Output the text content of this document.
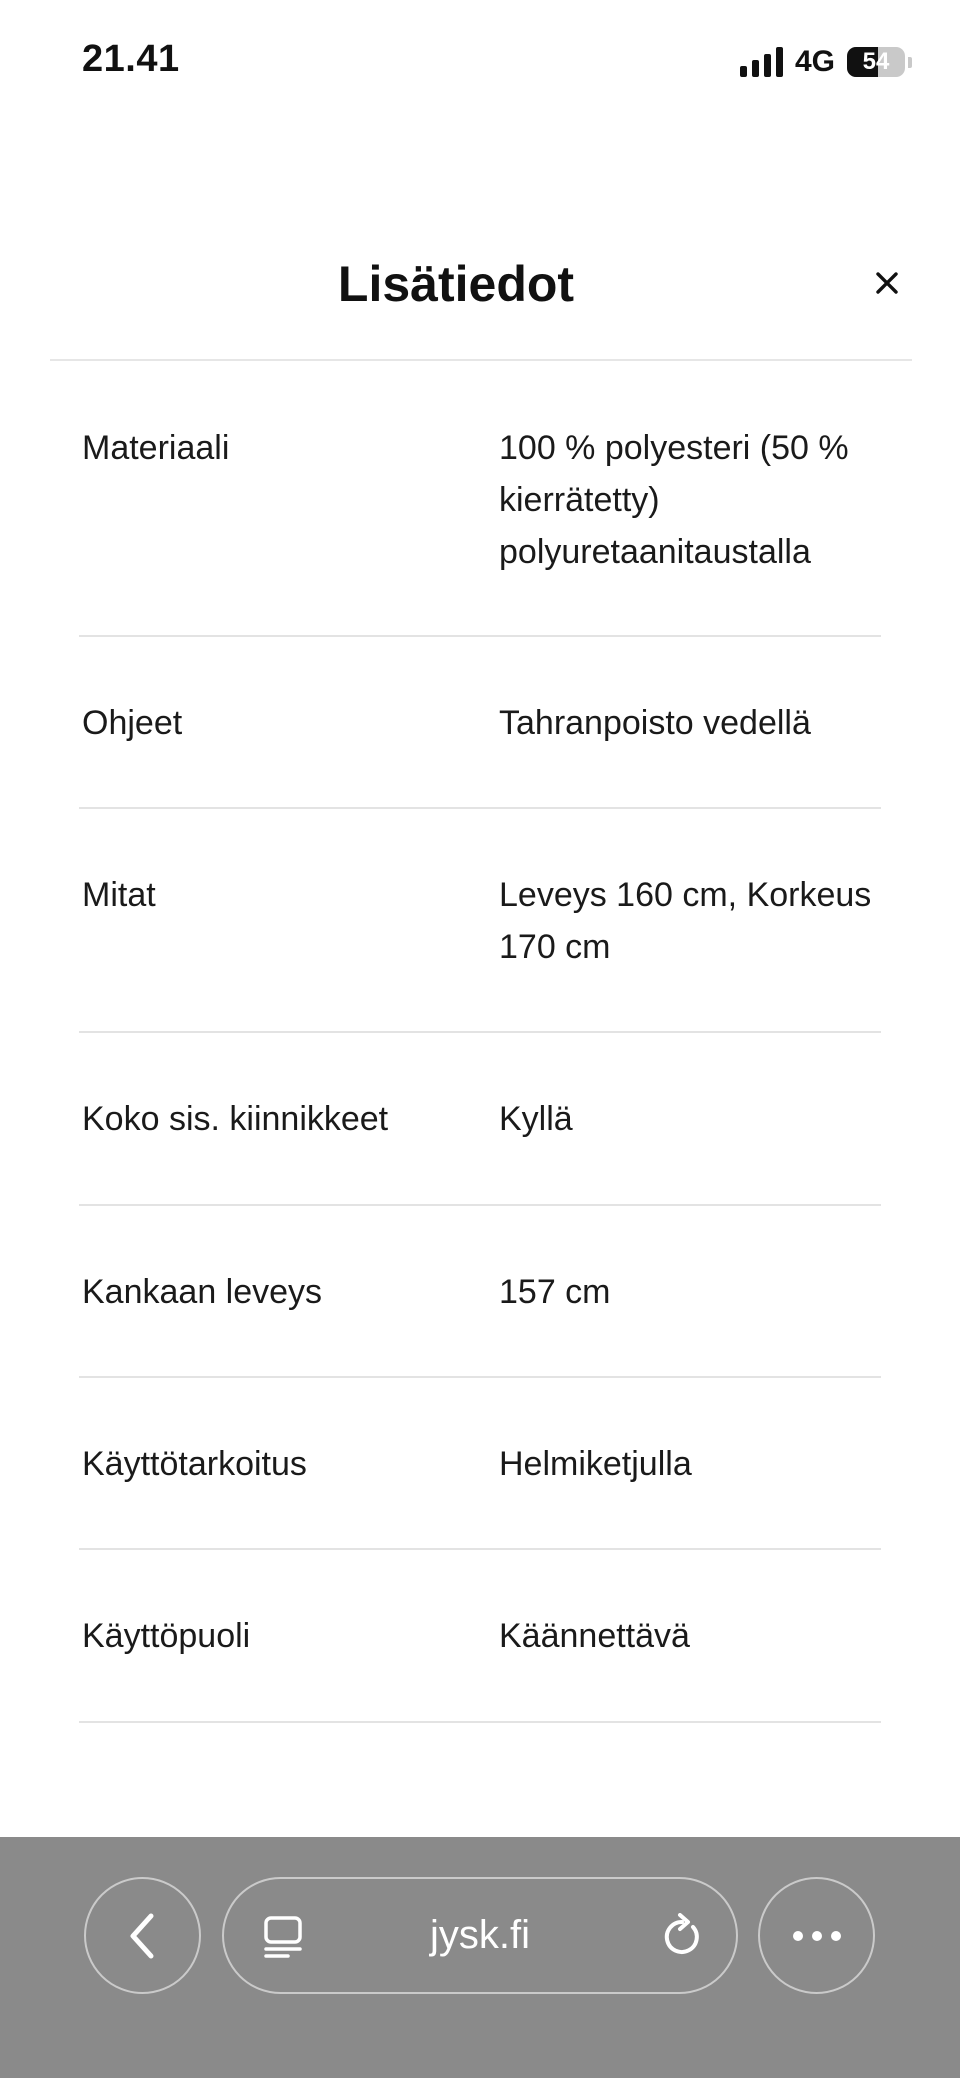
21.41	4G	54
Lisätiedot
Materiaali	100 % polyesteri (50 % kierrätetty) polyuretaanitaustalla
Ohjeet	Tahranpoisto vedellä
Mitat	Leveys 160 cm, Korkeus 170 cm
Koko sis. kiinnikkeet	Kyllä
Kankaan leveys	157 cm
Käyttötarkoitus	Helmiketjulla
Käyttöpuoli	Käännettävä
jysk.fi
